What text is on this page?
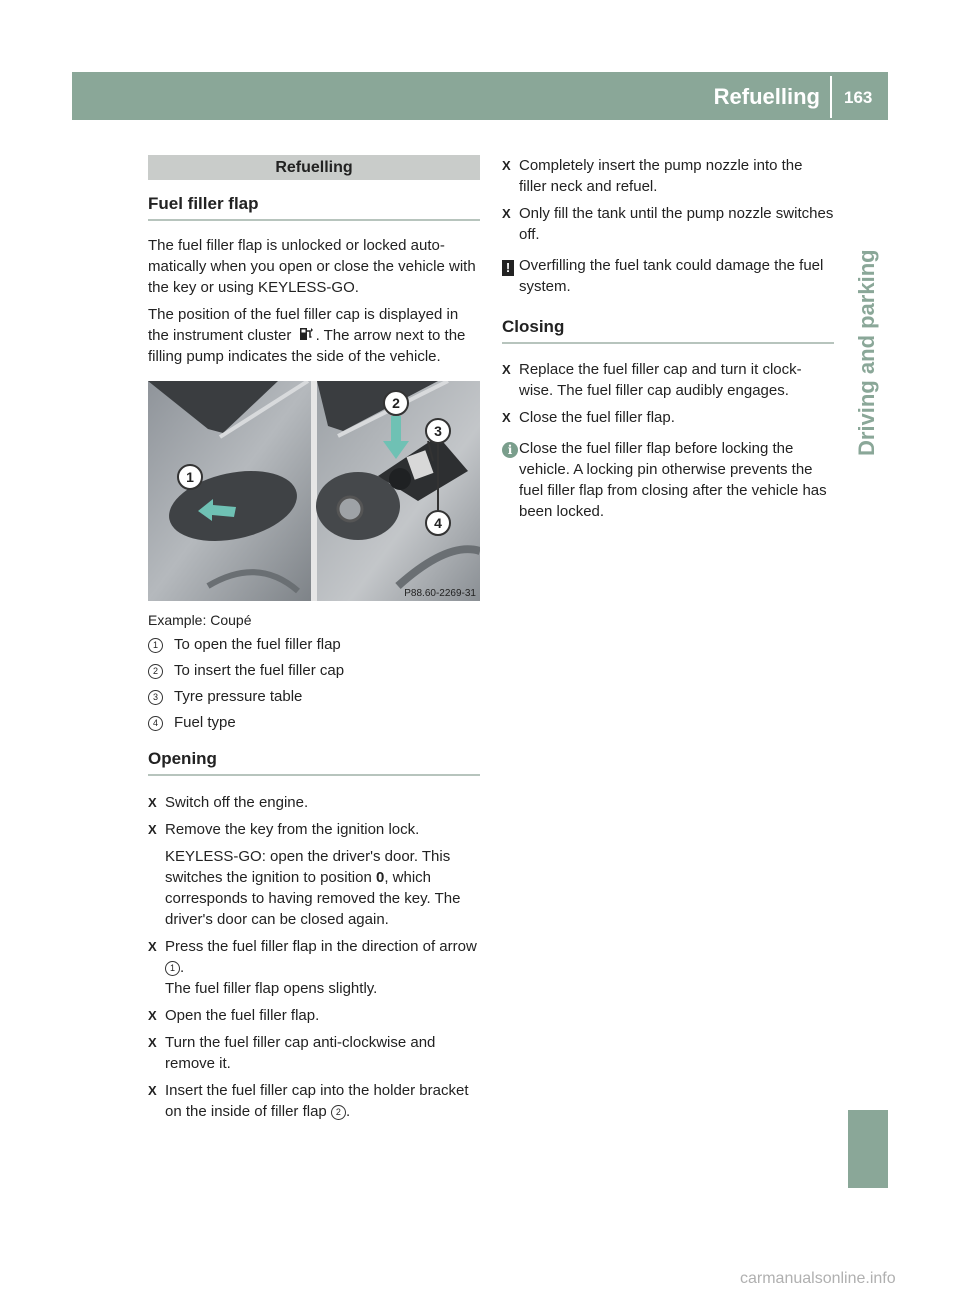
Refuelling 163
Driving and parking
Refuelling

Fuel filler flap

The fuel filler flap is unlocked or locked auto-matically when you open or close the vehicle with the key or using KEYLESS-GO.

The position of the fuel filler cap is displayed in the instrument cluster . The arrow next to the filling pump indicates the side of the vehicle.

1
2
3
4
P88.60-2269-31

Example: Coupé

1	To open the fuel filler flap
2	To insert the fuel filler cap
3	Tyre pressure table
4	Fuel type

Opening

X Switch off the engine.
X Remove the key from the ignition lock.

KEYLESS-GO: open the driver's door. This switches the ignition to position 0, which corresponds to having removed the key. The driver's door can be closed again.

X Press the fuel filler flap in the direction of arrow 1 .

The fuel filler flap opens slightly.

X Open the fuel filler flap.
X Turn the fuel filler cap anti-clockwise and remove it.
X Insert the fuel filler cap into the holder bracket on the inside of filler flap 2 .
X Completely insert the pump nozzle into the filler neck and refuel.
X Only fill the tank until the pump nozzle switches off.
! Overfilling the fuel tank could damage the fuel system.

Closing

X Replace the fuel filler cap and turn it clock-wise. The fuel filler cap audibly engages.
X Close the fuel filler flap.
i Close the fuel filler flap before locking the vehicle. A locking pin otherwise prevents the fuel filler flap from closing after the vehicle has been locked.
carmanualsonline.info
